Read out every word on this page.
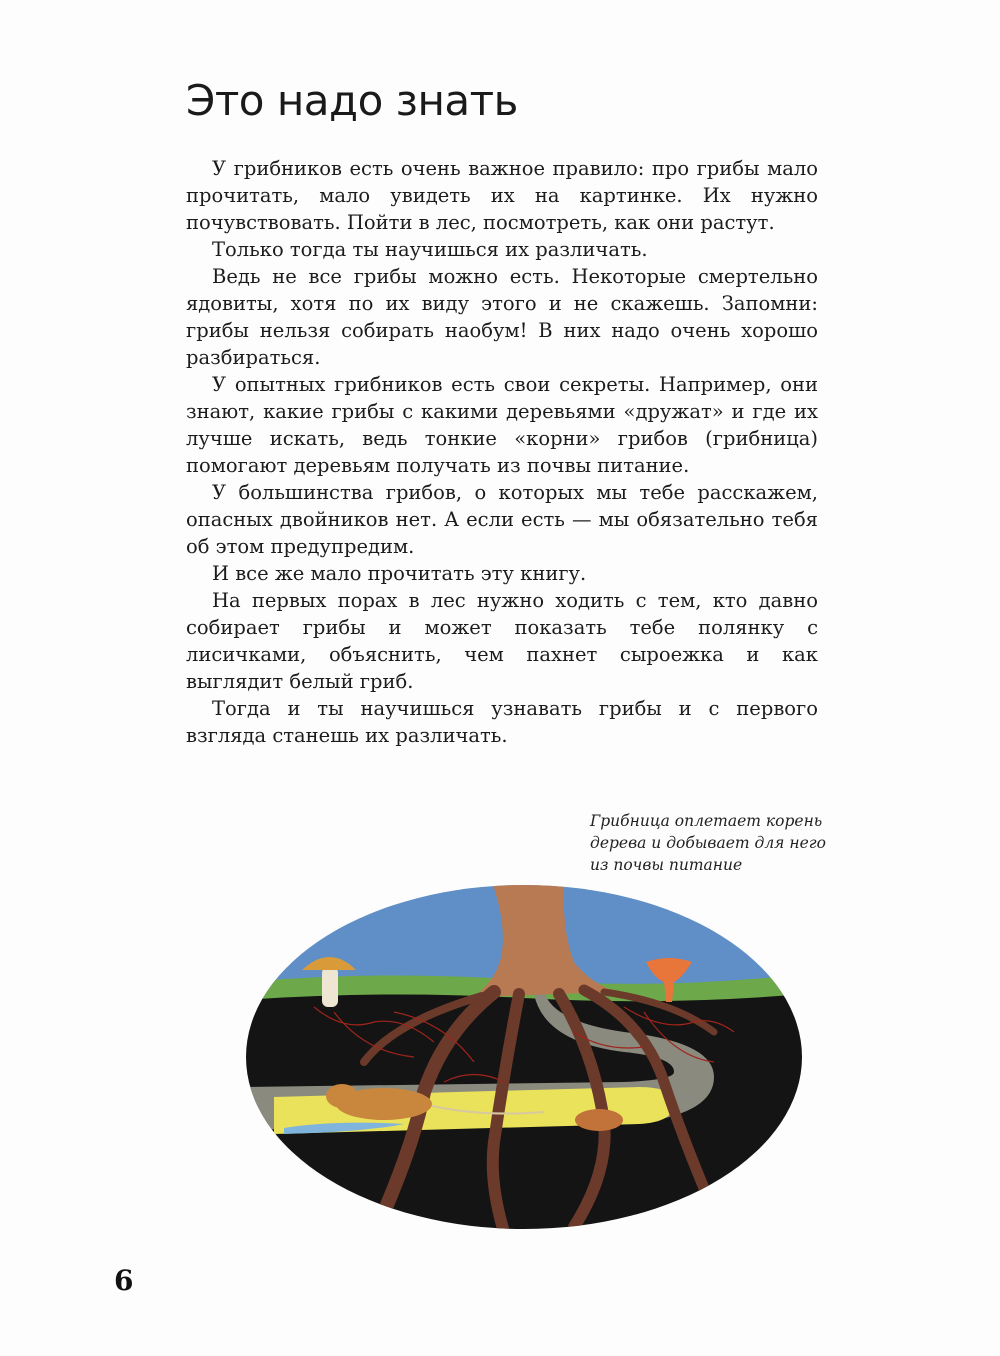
Это надо знать

У грибников есть очень важное правило: про грибы мало прочитать, мало увидеть их на картинке. Их нужно почувствовать. Пойти в лес, посмотреть, как они растут.

Только тогда ты научишься их различать.

Ведь не все грибы можно есть. Некоторые смертельно ядовиты, хотя по их виду этого и не скажешь. Запомни: грибы нельзя собирать наобум! В них надо очень хорошо разбираться.

У опытных грибников есть свои секреты. Например, они знают, какие грибы с какими деревьями «дружат» и где их лучше искать, ведь тонкие «корни» грибов (грибница) помогают деревьям получать из почвы питание.

У большинства грибов, о которых мы тебе расскажем, опасных двойников нет. А если есть — мы обязательно тебя об этом предупредим.

И все же мало прочитать эту книгу.

На первых порах в лес нужно ходить с тем, кто давно собирает грибы и может показать тебе полянку с лисичками, объяснить, чем пахнет сыроежка и как выглядит белый гриб.

Тогда и ты научишься узнавать грибы и с первого взгляда станешь их различать.

Грибница оплетает корень
дерева и добывает для него
из почвы питание

6
